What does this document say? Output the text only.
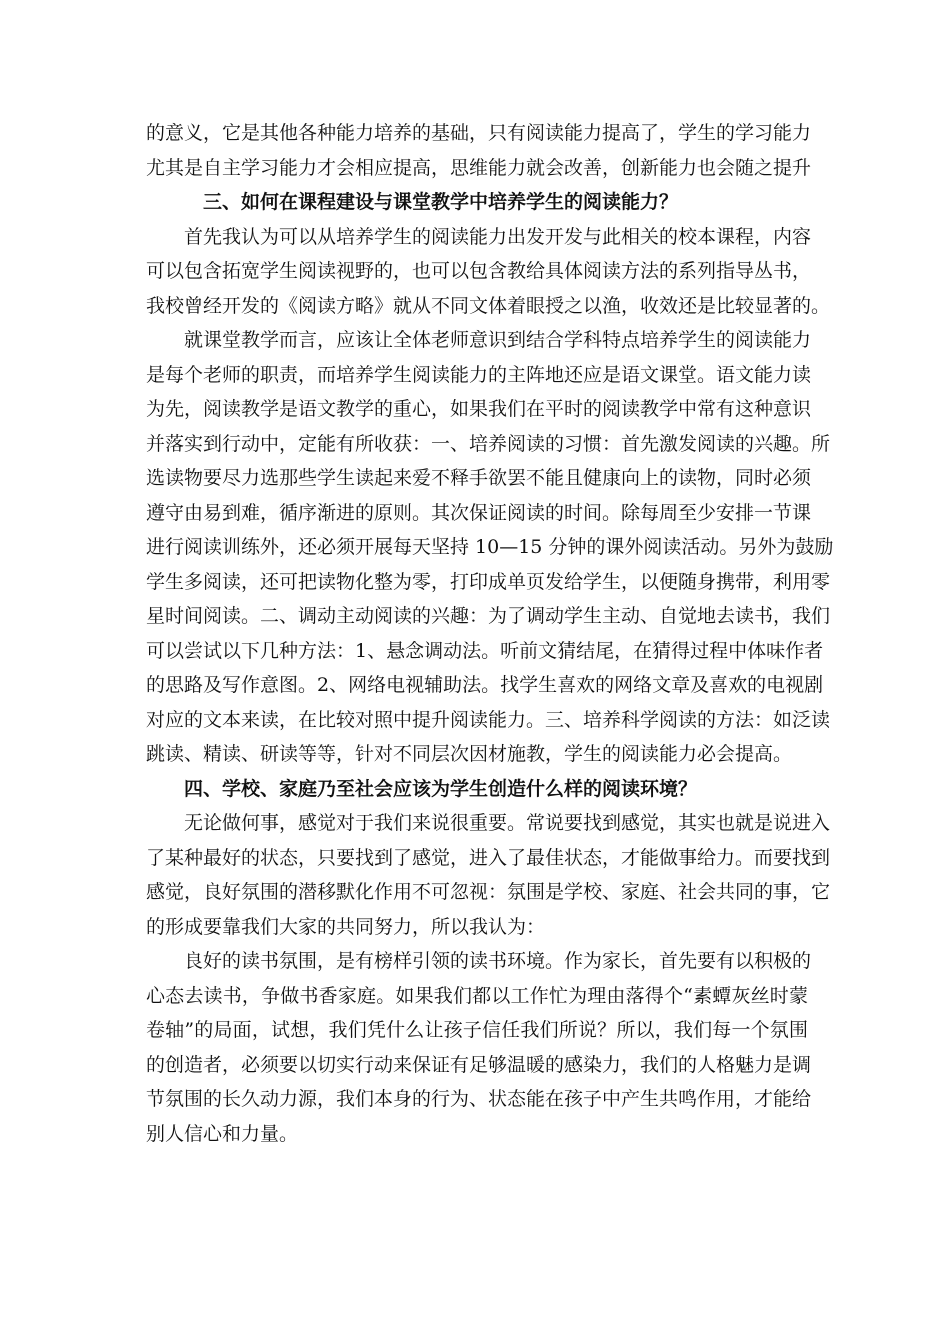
的意义，它是其他各种能力培养的基础，只有阅读能力提高了，学生的学习能力
尤其是自主学习能力才会相应提高，思维能力就会改善，创新能力也会随之提升
三、如何在课程建设与课堂教学中培养学生的阅读能力？
首先我认为可以从培养学生的阅读能力出发开发与此相关的校本课程，内容
可以包含拓宽学生阅读视野的，也可以包含教给具体阅读方法的系列指导丛书，
我校曾经开发的《阅读方略》就从不同文体着眼授之以渔，收效还是比较显著的。
就课堂教学而言，应该让全体老师意识到结合学科特点培养学生的阅读能力
是每个老师的职责，而培养学生阅读能力的主阵地还应是语文课堂。语文能力读
为先，阅读教学是语文教学的重心，如果我们在平时的阅读教学中常有这种意识
并落实到行动中，定能有所收获：一、培养阅读的习惯：首先激发阅读的兴趣。所
选读物要尽力选那些学生读起来爱不释手欲罢不能且健康向上的读物，同时必须
遵守由易到难，循序渐进的原则。其次保证阅读的时间。除每周至少安排一节课
进行阅读训练外，还必须开展每天坚持 10—15 分钟的课外阅读活动。另外为鼓励
学生多阅读，还可把读物化整为零，打印成单页发给学生，以便随身携带，利用零
星时间阅读。二、调动主动阅读的兴趣：为了调动学生主动、自觉地去读书，我们
可以尝试以下几种方法：1、悬念调动法。听前文猜结尾，在猜得过程中体味作者
的思路及写作意图。2、网络电视辅助法。找学生喜欢的网络文章及喜欢的电视剧
对应的文本来读，在比较对照中提升阅读能力。三、培养科学阅读的方法：如泛读
跳读、精读、研读等等，针对不同层次因材施教，学生的阅读能力必会提高。
四、学校、家庭乃至社会应该为学生创造什么样的阅读环境？
无论做何事，感觉对于我们来说很重要。常说要找到感觉，其实也就是说进入
了某种最好的状态，只要找到了感觉，进入了最佳状态，才能做事给力。而要找到
感觉，良好氛围的潜移默化作用不可忽视：氛围是学校、家庭、社会共同的事，它
的形成要靠我们大家的共同努力，所以我认为：
良好的读书氛围，是有榜样引领的读书环境。作为家长，首先要有以积极的
心态去读书，争做书香家庭。如果我们都以工作忙为理由落得个“素蟫灰丝时蒙
卷轴”的局面，试想，我们凭什么让孩子信任我们所说？所以，我们每一个氛围
的创造者，必须要以切实行动来保证有足够温暖的感染力，我们的人格魅力是调
节氛围的长久动力源，我们本身的行为、状态能在孩子中产生共鸣作用，才能给
别人信心和力量。
